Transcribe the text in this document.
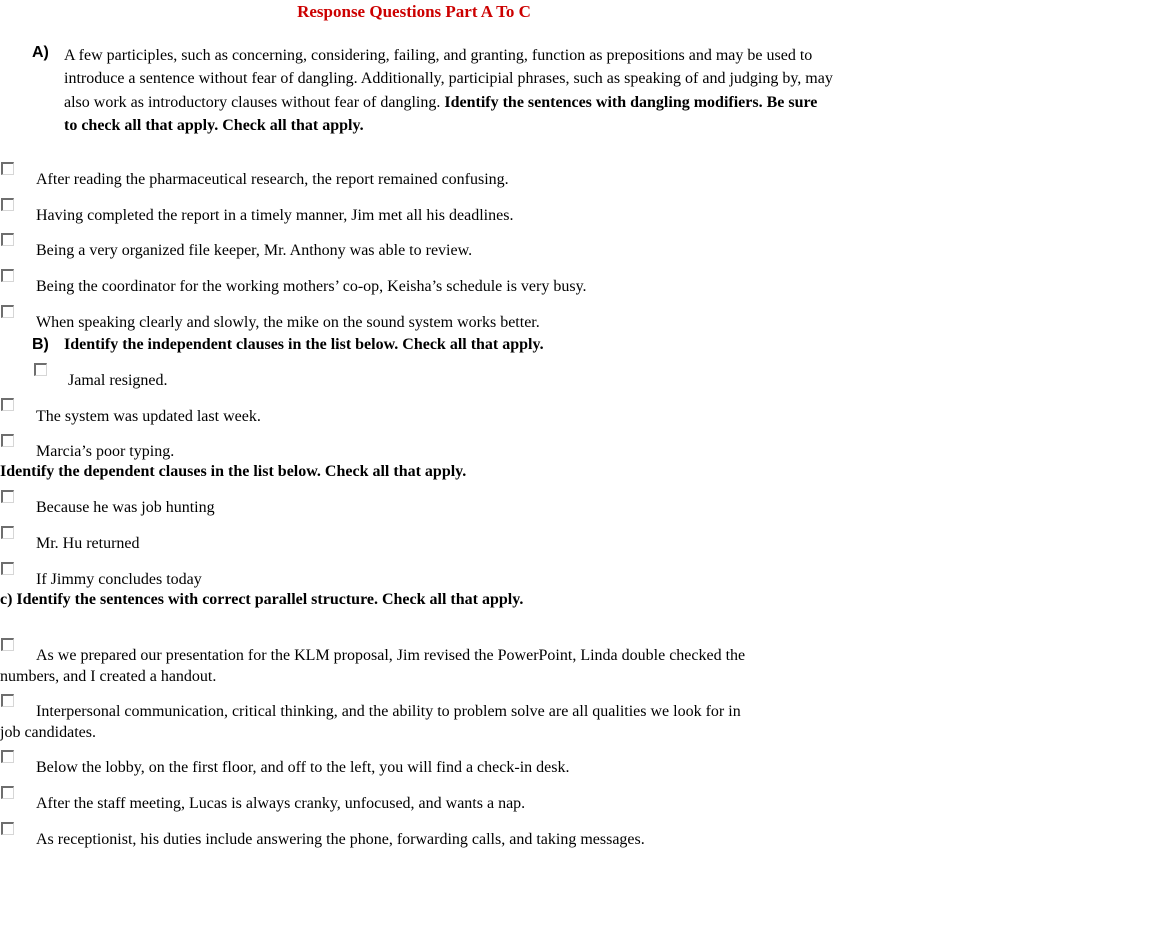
Response Questions Part A To C
A) A few participles, such as concerning, considering, failing, and granting, function as prepositions and may be used to introduce a sentence without fear of dangling. Additionally, participial phrases, such as speaking of and judging by, may also work as introductory clauses without fear of dangling. Identify the sentences with dangling modifiers. Be sure to check all that apply. Check all that apply.
After reading the pharmaceutical research, the report remained confusing.
Having completed the report in a timely manner, Jim met all his deadlines.
Being a very organized file keeper, Mr. Anthony was able to review.
Being the coordinator for the working mothers’ co-op, Keisha’s schedule is very busy.
When speaking clearly and slowly, the mike on the sound system works better.
B) Identify the independent clauses in the list below. Check all that apply.
Jamal resigned.
The system was updated last week.
Marcia’s poor typing.
Identify the dependent clauses in the list below. Check all that apply.
Because he was job hunting
Mr. Hu returned
If Jimmy concludes today
c) Identify the sentences with correct parallel structure. Check all that apply.
As we prepared our presentation for the KLM proposal, Jim revised the PowerPoint, Linda double checked the
numbers, and I created a handout.
Interpersonal communication, critical thinking, and the ability to problem solve are all qualities we look for in
job candidates.
Below the lobby, on the first floor, and off to the left, you will find a check-in desk.
After the staff meeting, Lucas is always cranky, unfocused, and wants a nap.
As receptionist, his duties include answering the phone, forwarding calls, and taking messages.
